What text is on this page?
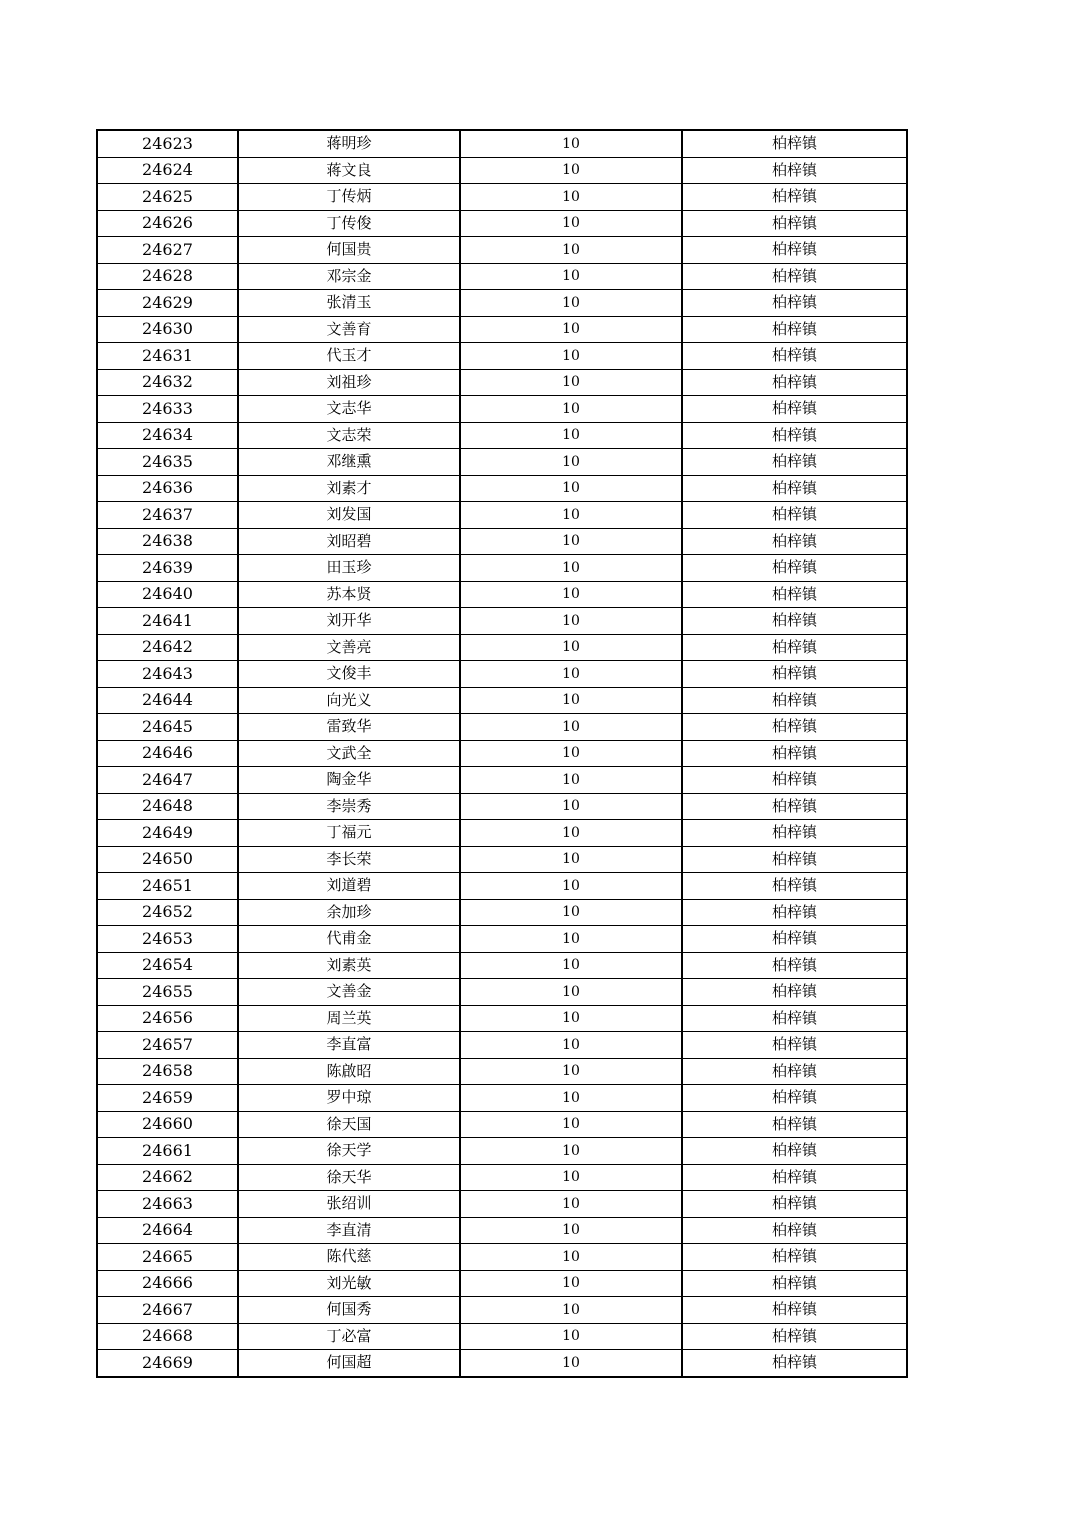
24623	蒋明珍	10	柏梓镇
24624	蒋文良	10	柏梓镇
24625	丁传炳	10	柏梓镇
24626	丁传俊	10	柏梓镇
24627	何国贵	10	柏梓镇
24628	邓宗金	10	柏梓镇
24629	张清玉	10	柏梓镇
24630	文善育	10	柏梓镇
24631	代玉才	10	柏梓镇
24632	刘祖珍	10	柏梓镇
24633	文志华	10	柏梓镇
24634	文志荣	10	柏梓镇
24635	邓继熏	10	柏梓镇
24636	刘素才	10	柏梓镇
24637	刘发国	10	柏梓镇
24638	刘昭碧	10	柏梓镇
24639	田玉珍	10	柏梓镇
24640	苏本贤	10	柏梓镇
24641	刘开华	10	柏梓镇
24642	文善亮	10	柏梓镇
24643	文俊丰	10	柏梓镇
24644	向光义	10	柏梓镇
24645	雷致华	10	柏梓镇
24646	文武全	10	柏梓镇
24647	陶金华	10	柏梓镇
24648	李崇秀	10	柏梓镇
24649	丁福元	10	柏梓镇
24650	李长荣	10	柏梓镇
24651	刘道碧	10	柏梓镇
24652	余加珍	10	柏梓镇
24653	代甫金	10	柏梓镇
24654	刘素英	10	柏梓镇
24655	文善金	10	柏梓镇
24656	周兰英	10	柏梓镇
24657	李直富	10	柏梓镇
24658	陈啟昭	10	柏梓镇
24659	罗中琼	10	柏梓镇
24660	徐天国	10	柏梓镇
24661	徐天学	10	柏梓镇
24662	徐天华	10	柏梓镇
24663	张绍训	10	柏梓镇
24664	李直清	10	柏梓镇
24665	陈代慈	10	柏梓镇
24666	刘光敏	10	柏梓镇
24667	何国秀	10	柏梓镇
24668	丁必富	10	柏梓镇
24669	何国超	10	柏梓镇
